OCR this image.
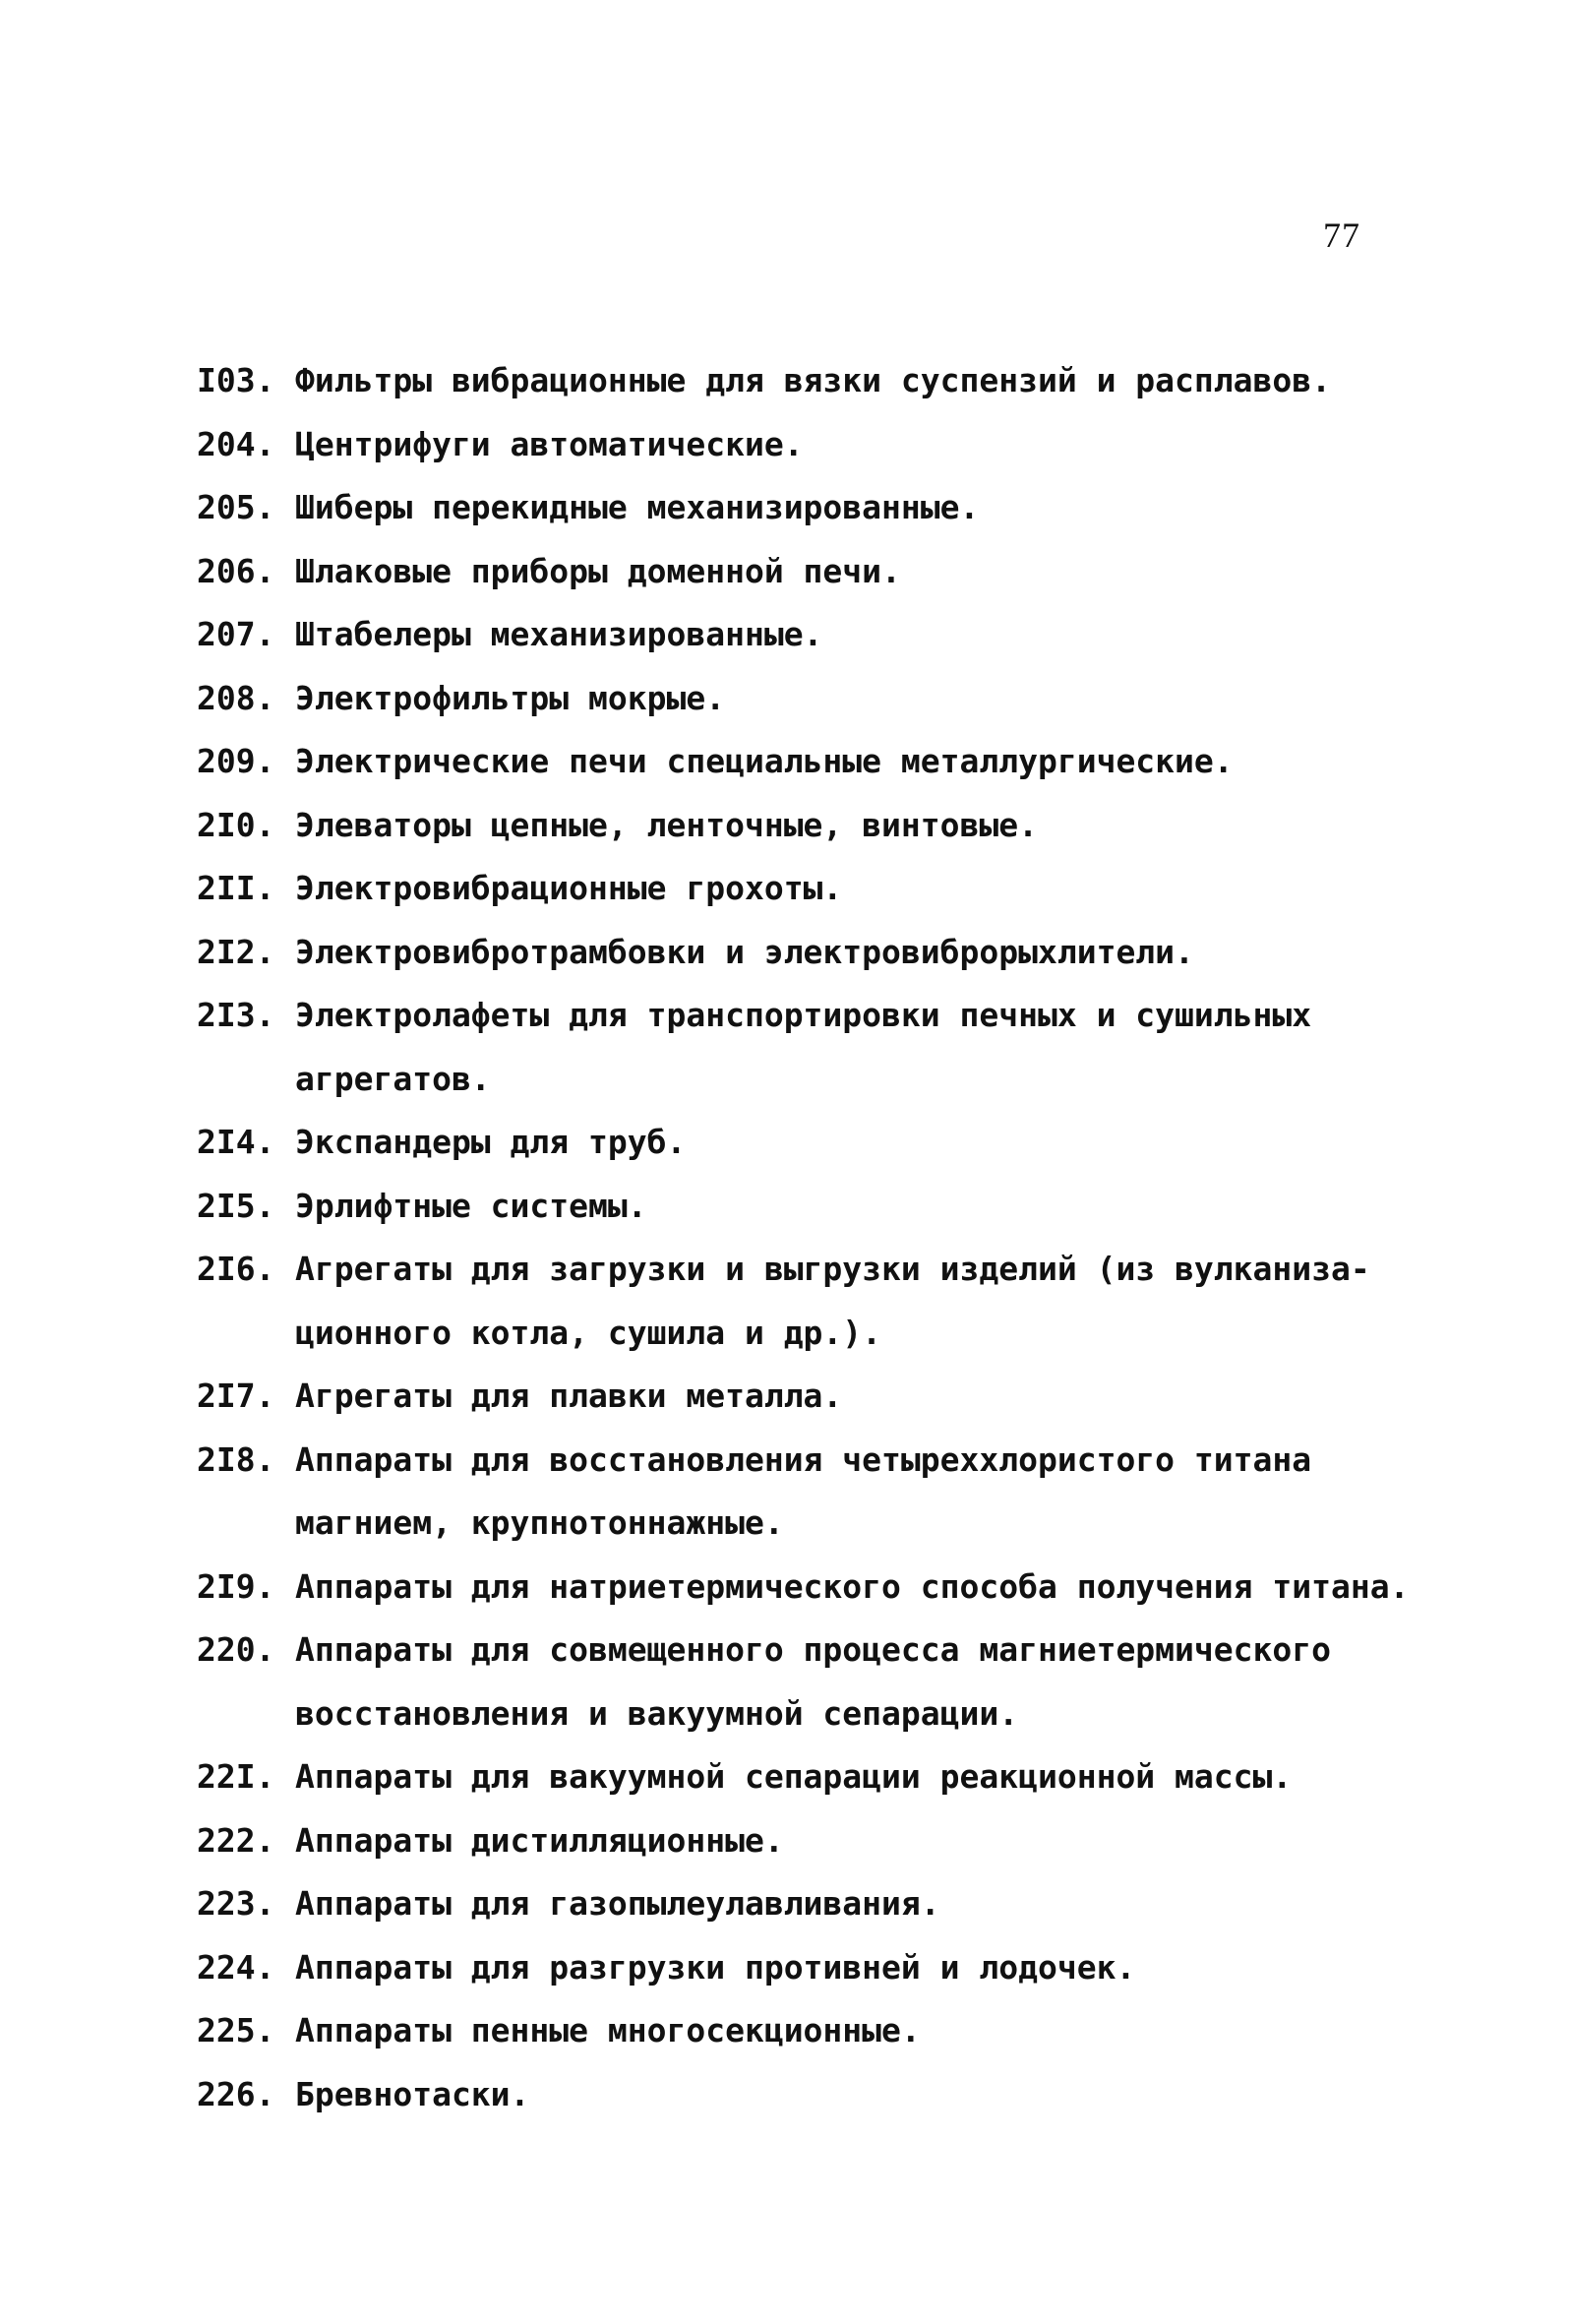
77
I03. Фильтры вибрационные для вязки суспензий и расплавов.
204. Центрифуги автоматические.
205. Шиберы перекидные механизированные.
206. Шлаковые приборы доменной печи.
207. Штабелеры механизированные.
208. Электрофильтры мокрые.
209. Электрические печи специальные металлургические.
2I0. Элеваторы цепные, ленточные, винтовые.
2II. Электровибрационные грохоты.
2I2. Электровибротрамбовки и электровиброрыхлители.
2I3. Электролафеты для транспортировки печных и сушильных
агрегатов.
2I4. Экспандеры для труб.
2I5. Эрлифтные системы.
2I6. Агрегаты для загрузки и выгрузки изделий (из вулканиза-
ционного котла, сушила и др.).
2I7. Агрегаты для плавки металла.
2I8. Аппараты для восстановления четыреххлористого титана
магнием, крупнотоннажные.
2I9. Аппараты для натриетермического способа получения титана.
220. Аппараты для совмещенного процесса магниетермического
восстановления и вакуумной сепарации.
22I. Аппараты для вакуумной сепарации реакционной массы.
222. Аппараты дистилляционные.
223. Аппараты для газопылеулавливания.
224. Аппараты для разгрузки противней и лодочек.
225. Аппараты пенные многосекционные.
226. Бревнотаски.
